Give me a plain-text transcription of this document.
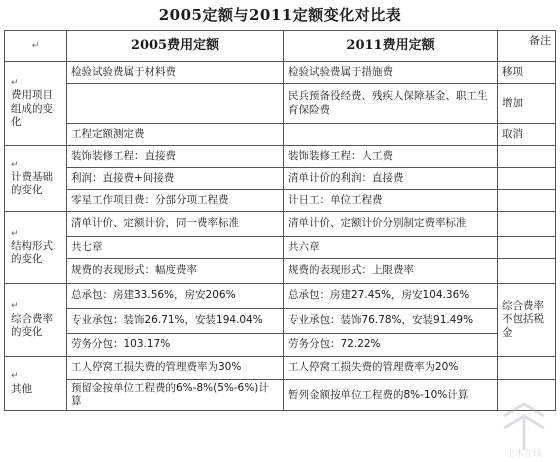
2005定额与2011定额变化对比表
↵	2005费用定额	2011费用定额	备注

↵
费用项目组成的变化	检验试验费属于材料费	检验试验费属于措施费	移项
		民兵预备役经费、残疾人保障基金、职工生育保险费	增加
	工程定额测定费		取消

↵
计费基础的变化	装饰装修工程：直接费	装饰装修工程：人工费	
	利润：直接费+间接费	清单计价的利润：直接费	
	零星工作项目费：分部分项工程费	计日工：单位工程费	

↵
结构形式的变化	清单计价、定额计价，同一费率标准	清单计价、定额计价分别制定费率标准	
	共七章	共六章	
	规费的表现形式：幅度费率	规费的表现形式：上限费率	

↵
综合费率的变化	总承包：房建33.56%，房安206%	总承包：房建27.45%，房安104.36%	综合费率不包括税金
	专业承包：装饰26.71%，安装194.04%	专业承包：装饰76.78%，安装91.49%	
	劳务分包：103.17%	劳务分包：72.22%	

↵
其他	工人停窝工损失费的管理费率为30%	工人停窝工损失费的管理费率为20%	
	预留金按单位工程费的6%-8%(5%-6%)计算	暂列金额按单位工程费的8%-10%计算	
土木在线
